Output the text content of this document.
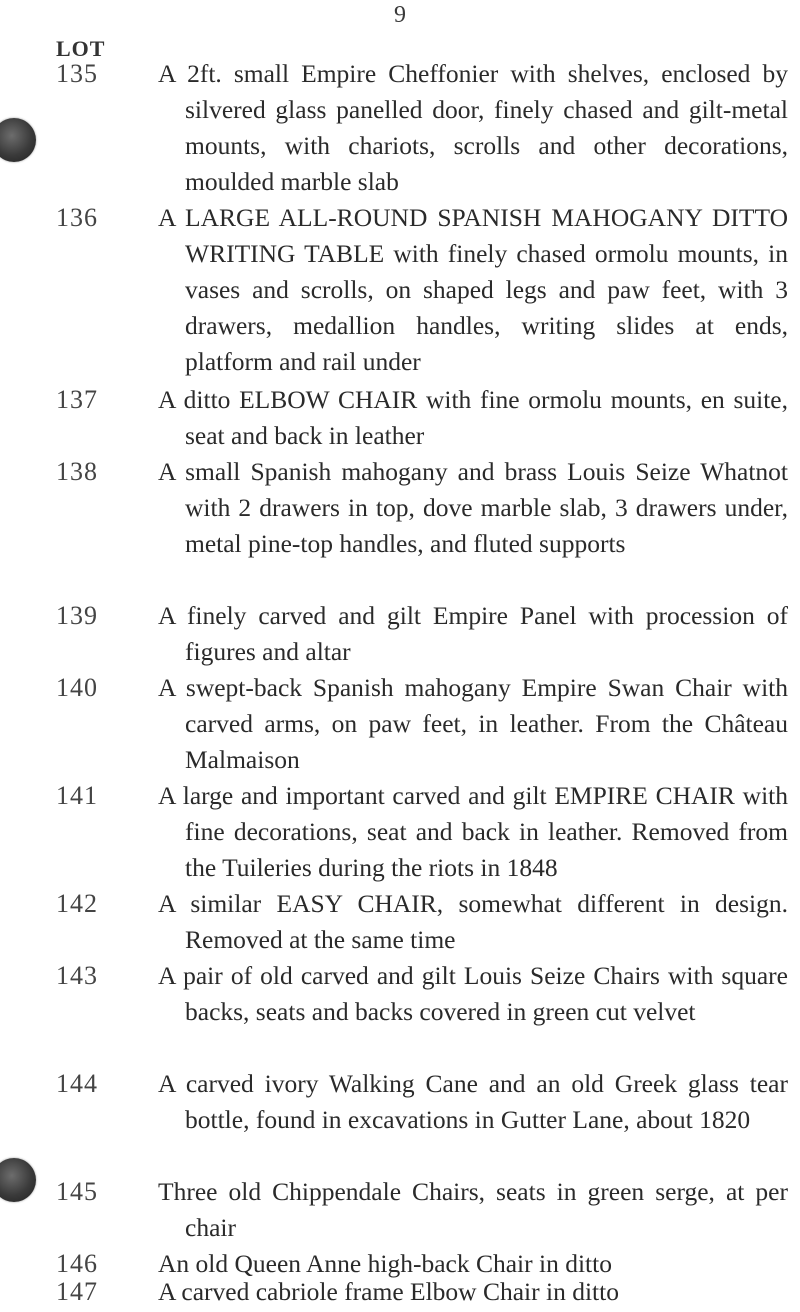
9
LOT
135 A 2ft. small Empire Cheffonier with shelves, enclosed by silvered glass panelled door, finely chased and gilt-metal mounts, with chariots, scrolls and other decorations, moulded marble slab
136 A LARGE ALL-ROUND SPANISH MAHOGANY DITTO WRITING TABLE with finely chased ormolu mounts, in vases and scrolls, on shaped legs and paw feet, with 3 drawers, medallion handles, writing slides at ends, platform and rail under
137 A ditto ELBOW CHAIR with fine ormolu mounts, en suite, seat and back in leather
138 A small Spanish mahogany and brass Louis Seize Whatnot with 2 drawers in top, dove marble slab, 3 drawers under, metal pine-top handles, and fluted supports
139 A finely carved and gilt Empire Panel with procession of figures and altar
140 A swept-back Spanish mahogany Empire Swan Chair with carved arms, on paw feet, in leather. From the Château Malmaison
141 A large and important carved and gilt EMPIRE CHAIR with fine decorations, seat and back in leather. Removed from the Tuileries during the riots in 1848
142 A similar EASY CHAIR, somewhat different in design. Removed at the same time
143 A pair of old carved and gilt Louis Seize Chairs with square backs, seats and backs covered in green cut velvet
144 A carved ivory Walking Cane and an old Greek glass tear bottle, found in excavations in Gutter Lane, about 1820
145 Three old Chippendale Chairs, seats in green serge, at per chair
146 An old Queen Anne high-back Chair in ditto
147 A carved cabriole frame Elbow Chair in ditto
